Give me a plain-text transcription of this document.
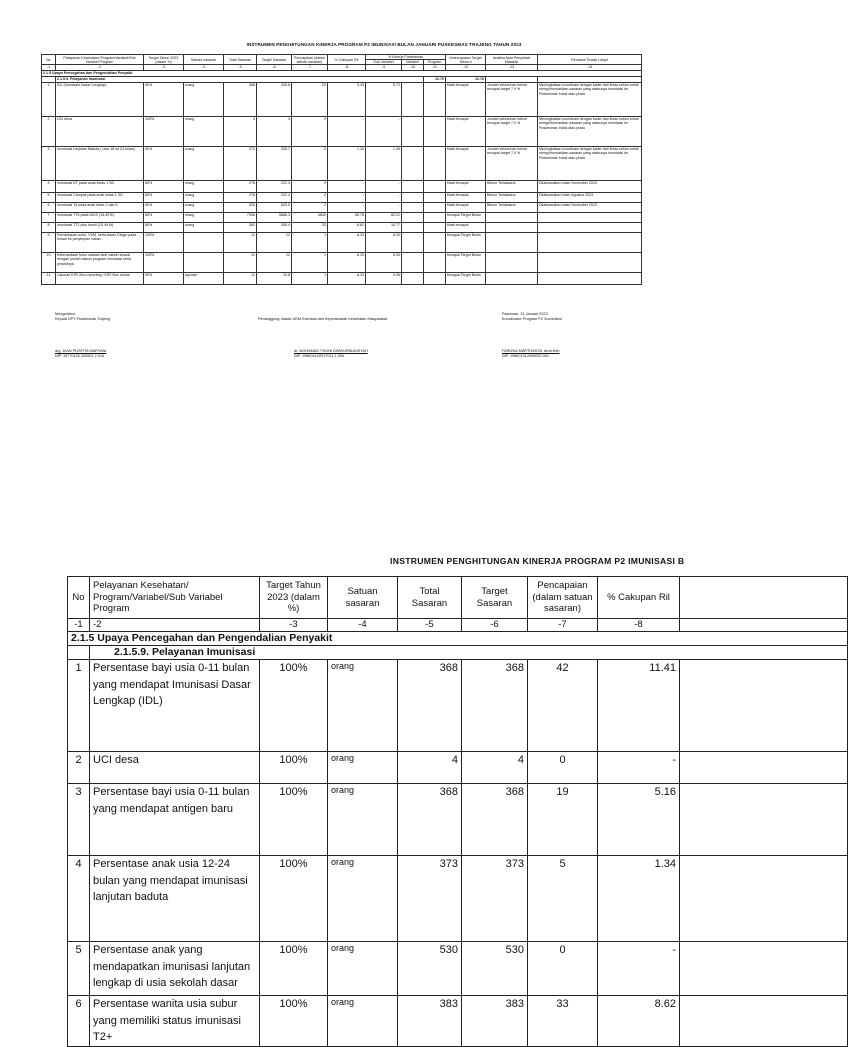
INSTRUMEN PENGHITUNGAN KINERJA PROGRAM P2 IMUNISASI BULAN JANUARI PUSKESMAS TRAJENG TAHUN 2023
No	Pelayanan Kesehatan/ Program/Variabel/Sub Variabel Program	Target Tahun 2023 (dalam %)	Satuan sasaran	Total Sasaran	Target Sasaran	Pencapaian (dalam satuan sasaran)	% Cakupan Ril	% Kinerja Puskesmas			Ketercapaian Target Tahun n	Analisa Akar Penyebab Masalah	Rencana Tindak Lanjut
								Sub Variabel	Variabel	Program			
-1	-2	-3	-4	-5	-6	-7	-8	-9	-10	-11	-12	-13	-14
2.1.5 Upaya Pencegahan dan Pengendalian Penyakit													
	2.1.5.9. Pelayanan Imunisasi									12.70	12.78		
1	IDL (Imunisasi Dasar Lengkap)	90%	orang	368	349.6	20	5.43	5.72			tidak tercapai	Jumlah kebutuhan belum tercapai target 7,9 %	Meningkatkan koordinasi dengan kader dan lintas sektor untuk menginformasikan sasaran yang waktunya imunisasi ke Puskesmas Induk atau pustu
2	UCI desa	100%	orang	4	4	0	-	-			tidak tercapai	Jumlah kebutuhan belum tercapai target 7,9 %	Meningkatkan koordinasi dengan kader dan lintas sektor untuk menginformasikan sasaran yang waktunya imunisasi ke Puskesmas Induk atau pustu
3	Imunisasi Lanjutan Baduta ( usia 18 sd 24 bulan)	90%	orang	373	335.7	5	1.34	1.49			tidak tercapai	Jumlah kebutuhan belum tercapai target 7,5 %	Meningkatkan koordinasi dengan kader dan lintas sektor untuk menginformasikan sasaran yang waktunya imunisasi ke Puskesmas Induk atau pustu
4	Imunisasi DT pada anak kelas 1 SD	80%	orang	278	222.4	0	-	-			tidak tercapai	Belum Terlaksana	Dilaksanakan bulan November 2023
5	Imunisasi Campak pada anak kelas 1 SD	80%	orang	278	222.4	0	-	-			tidak tercapai	Belum Terlaksana	Dilaksanakan bulan Agustus 2023
6	Imunisasi Td pada anak kelas 2 dan 5	90%	orang	530	503.5	0	-	-			tidak tercapai	Belum Terlaksana	Dilaksanakan bulan November 2023
7	Imunisasi TT5 pada WUS (15-49 th)	80%	orang	7358	5886.3	4840	65.78	82.22			tercapai Target Bulan		
8	Imunisasi TT2 plus bumil (15-49 th)	80%	orang	383	306.4	33	8.62	10.77			tidak tercapai		
9	Pemantauan suhu, VVM, serta Alarm Dingin pada lemari es penyimpan vaksin	100%		12	12	1	8.33	8.33			tercapai Target Bulan		
10	Ketersediaan buku catatan stok vaksin sesuai dengan jumlah vaksin program imunisasi serta pelarutnya	100%		12	12	1	8.33	8.33			tercapai Target Bulan		
11	Laporan KIPI Zero reporting / KIPI Non serius	90%	laporan	12	10.8	1	8.33	9.26			tercapai Target Bulan		
Mengetahui,
Kepala UPT Puskesmas Trajeng
drg. DIAN PUSPITA MARYANI
NIP. 19770120 200501 2 016
Penanggung Jawab UKM Esensial dan Keperawatan Kesehatan Masyarakat
dr. MOHAMAD YHONI DWIKURNIANSYAH
NIP. 198604102017011 1 006
Pasuruan, 31 Januari 2023
Koordinator Program P2 Surveilans
FARIZKA MARTHASYA, Amd.Keb
NIP. 198601312009052 001
INSTRUMEN PENGHITUNGAN KINERJA PROGRAM P2 IMUNISASI B
No	Pelayanan Kesehatan/ Program/Variabel/Sub Variabel Program	Target Tahun 2023 (dalam %)	Satuan sasaran	Total Sasaran	Target Sasaran	Pencapaian (dalam satuan sasaran)	% Cakupan Ril	
-1	-2	-3	-4	-5	-6	-7	-8	
2.1.5 Upaya Pencegahan dan Pengendalian Penyakit								
	2.1.5.9. Pelayanan Imunisasi							
1	Persentase bayi usia 0-11 bulan yang mendapat Imunisasi Dasar Lengkap (IDL)	100%	orang	368	368	42	11.41	
2	UCI desa	100%	orang	4	4	0	-	
3	Persentase bayi usia 0-11 bulan yang mendapat antigen baru	100%	orang	368	368	19	5.16	
4	Persentase anak usia 12-24 bulan yang mendapat imunisasi lanjutan baduta	100%	orang	373	373	5	1.34	
5	Persentase anak yang mendapatkan imunisasi lanjutan lengkap di usia sekolah dasar	100%	orang	530	530	0	-	
6	Persentase wanita usia subur yang memiliki status imunisasi T2+	100%	orang	383	383	33	8.62	
